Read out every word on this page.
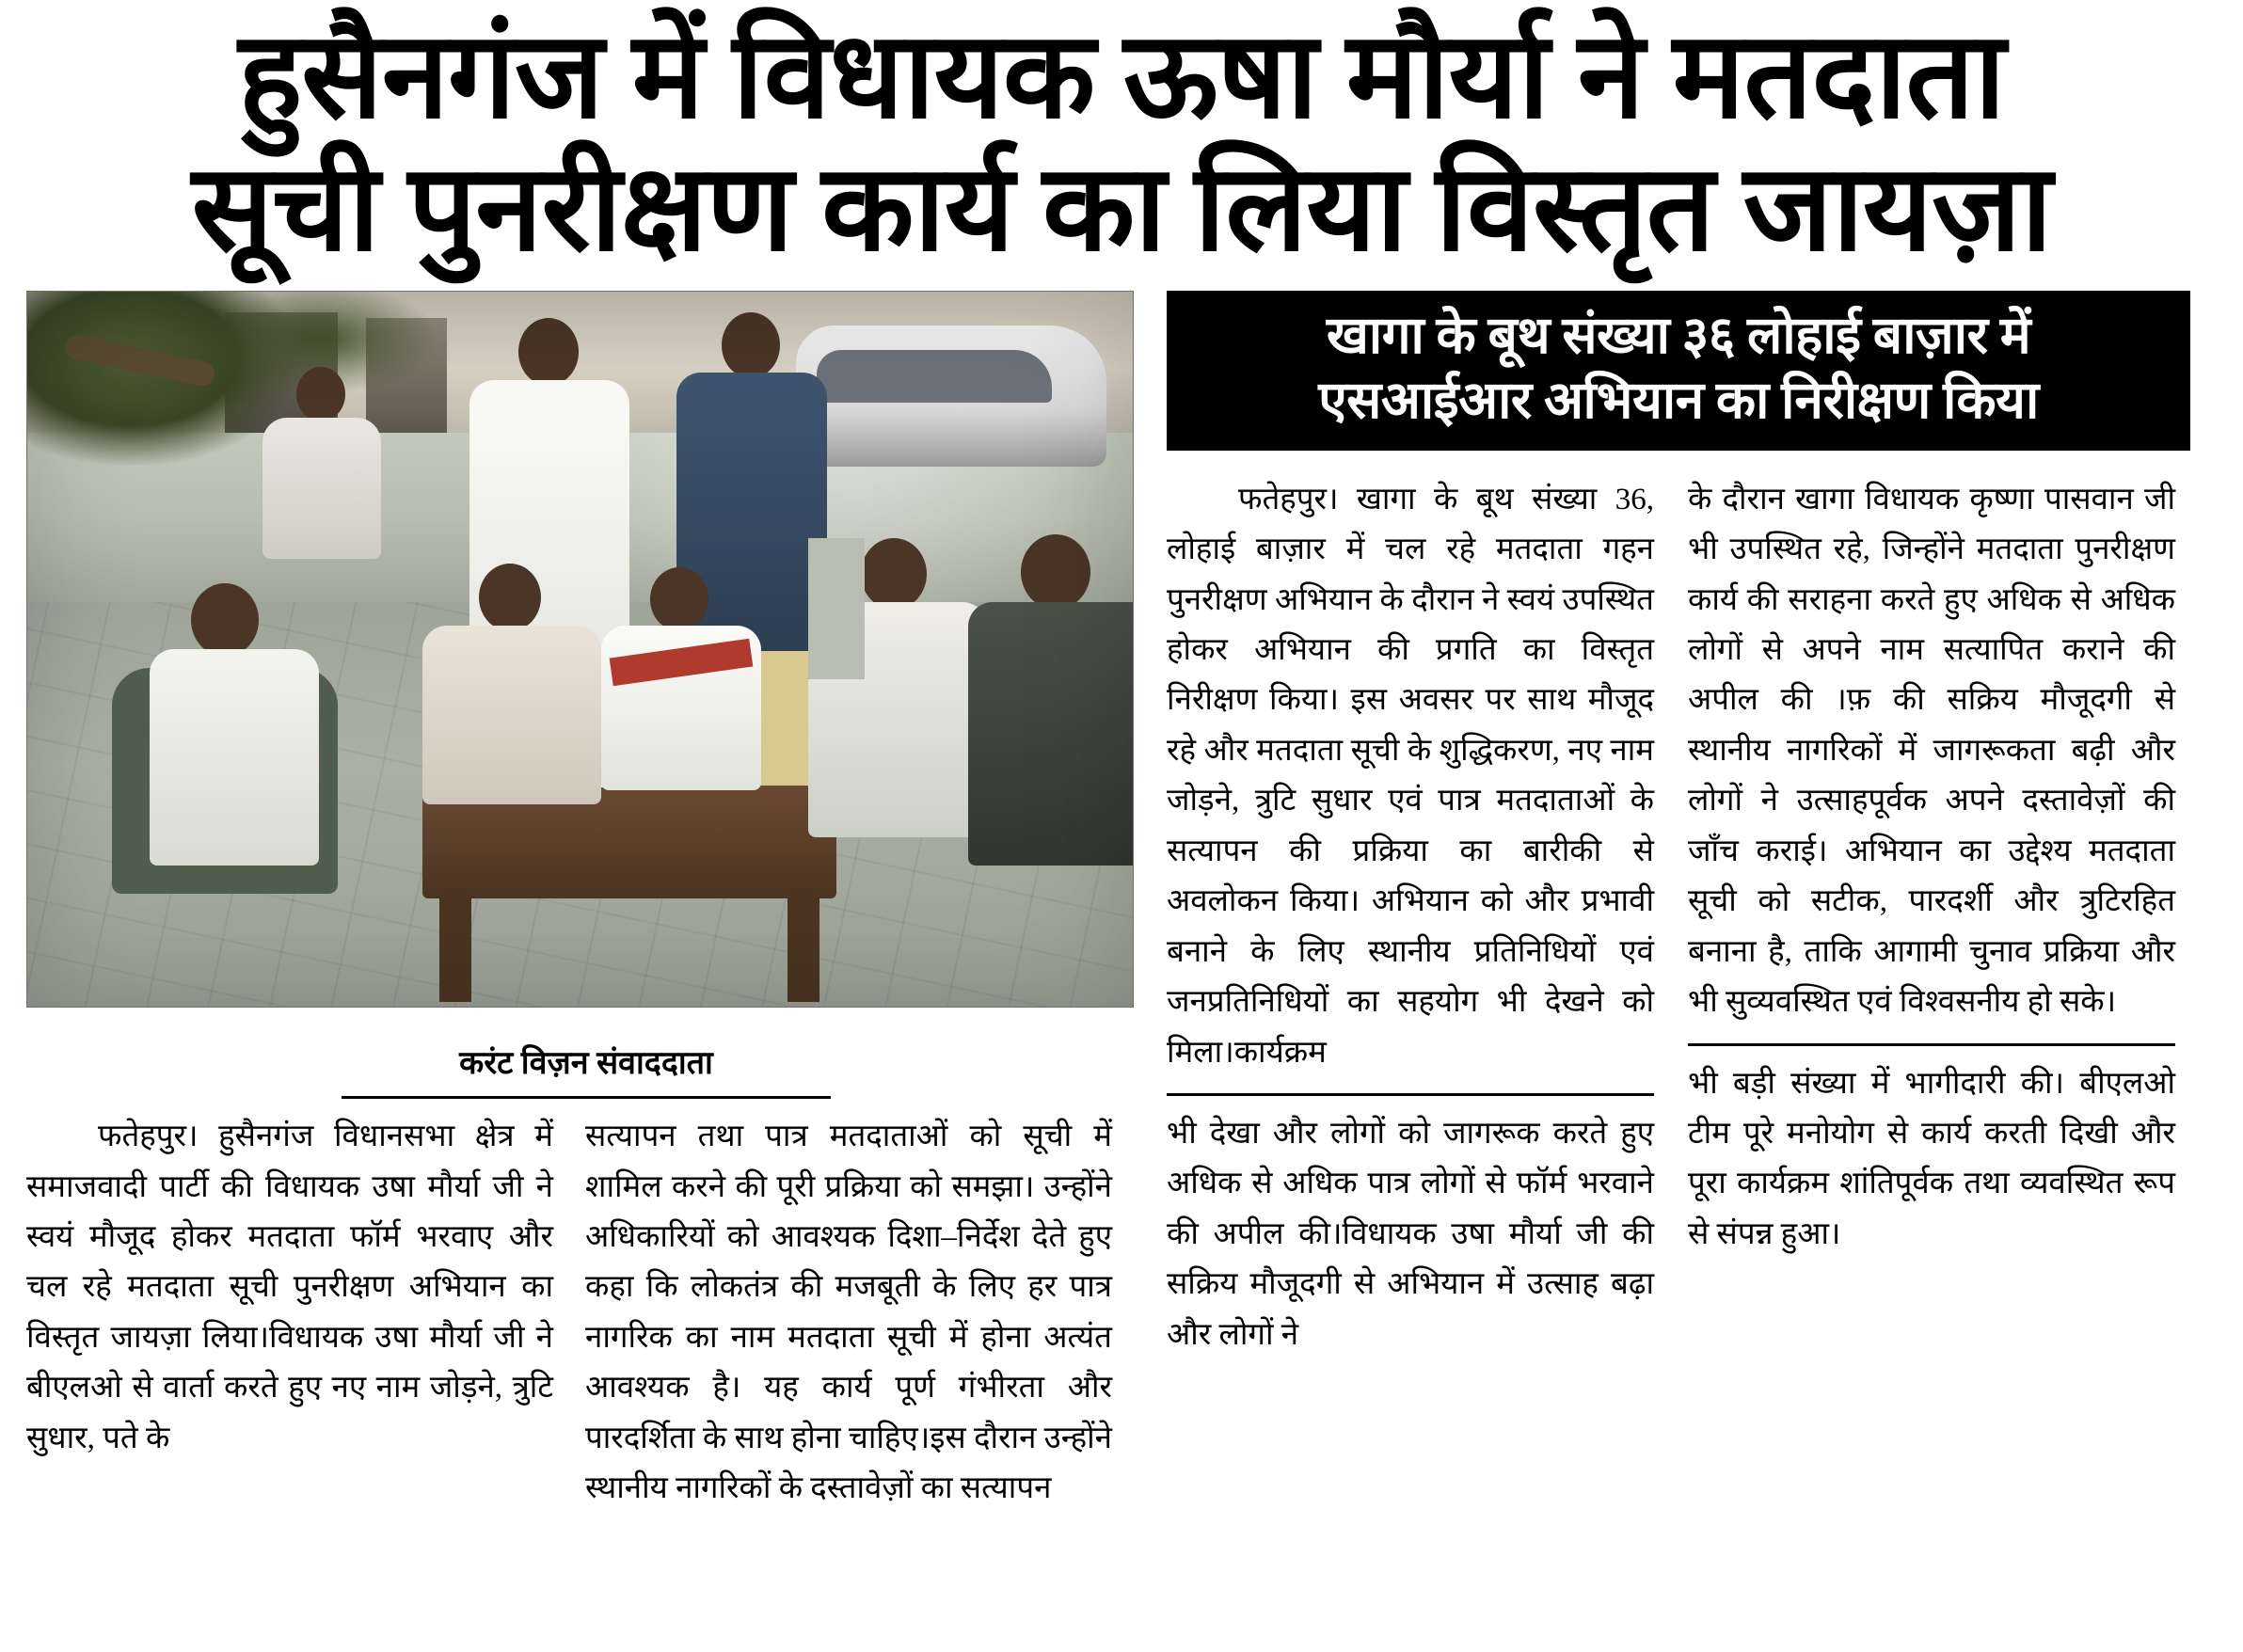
हुसैनगंज में विधायक ऊषा मौर्या ने मतदाता
सूची पुनरीक्षण कार्य का लिया विस्तृत जायज़ा
करंट विज़न संवाददाता

फतेहपुर। हुसैनगंज विधानसभा क्षेत्र में समाजवादी पार्टी की विधायक उषा मौर्या जी ने स्वयं मौजूद होकर मतदाता फॉर्म भरवाए और चल रहे मतदाता सूची पुनरीक्षण अभियान का विस्तृत जायज़ा लिया।विधायक उषा मौर्या जी ने बीएलओ से वार्ता करते हुए नए नाम जोड़ने, त्रुटि सुधार, पते के

सत्यापन तथा पात्र मतदाताओं को सूची में शामिल करने की पूरी प्रक्रिया को समझा। उन्होंने अधिकारियों को आवश्यक दिशा–निर्देश देते हुए कहा कि लोकतंत्र की मजबूती के लिए हर पात्र नागरिक का नाम मतदाता सूची में होना अत्यंत आवश्यक है। यह कार्य पूर्ण गंभीरता और पारदर्शिता के साथ होना चाहिए।इस दौरान उन्होंने स्थानीय नागरिकों के दस्तावेज़ों का सत्यापन

खागा के बूथ संख्या ३६ लोहाई बाज़ार में
एसआईआर अभियान का निरीक्षण किया

फतेहपुर। खागा के बूथ संख्या 36, लोहाई बाज़ार में चल रहे मतदाता गहन पुनरीक्षण अभियान के दौरान ने स्वयं उपस्थित होकर अभियान की प्रगति का विस्तृत निरीक्षण किया। इस अवसर पर साथ मौजूद रहे और मतदाता सूची के शुद्धिकरण, नए नाम जोड़ने, त्रुटि सुधार एवं पात्र मतदाताओं के सत्यापन की प्रक्रिया का बारीकी से अवलोकन किया। अभियान को और प्रभावी बनाने के लिए स्थानीय प्रतिनिधियों एवं जनप्रतिनिधियों का सहयोग भी देखने को मिला।कार्यक्रम

भी देखा और लोगों को जागरूक करते हुए अधिक से अधिक पात्र लोगों से फॉर्म भरवाने की अपील की।विधायक उषा मौर्या जी की सक्रिय मौजूदगी से अभियान में उत्साह बढ़ा और लोगों ने

के दौरान खागा विधायक कृष्णा पासवान जी भी उपस्थित रहे, जिन्होंने मतदाता पुनरीक्षण कार्य की सराहना करते हुए अधिक से अधिक लोगों से अपने नाम सत्यापित कराने की अपील की ।फ़ की सक्रिय मौजूदगी से स्थानीय नागरिकों में जागरूकता बढ़ी और लोगों ने उत्साहपूर्वक अपने दस्तावेज़ों की जाँच कराई। अभियान का उद्देश्य मतदाता सूची को सटीक, पारदर्शी और त्रुटिरहित बनाना है, ताकि आगामी चुनाव प्रक्रिया और भी सुव्यवस्थित एवं विश्वसनीय हो सके।

भी बड़ी संख्या में भागीदारी की। बीएलओ टीम पूरे मनोयोग से कार्य करती दिखी और पूरा कार्यक्रम शांतिपूर्वक तथा व्यवस्थित रूप से संपन्न हुआ।
